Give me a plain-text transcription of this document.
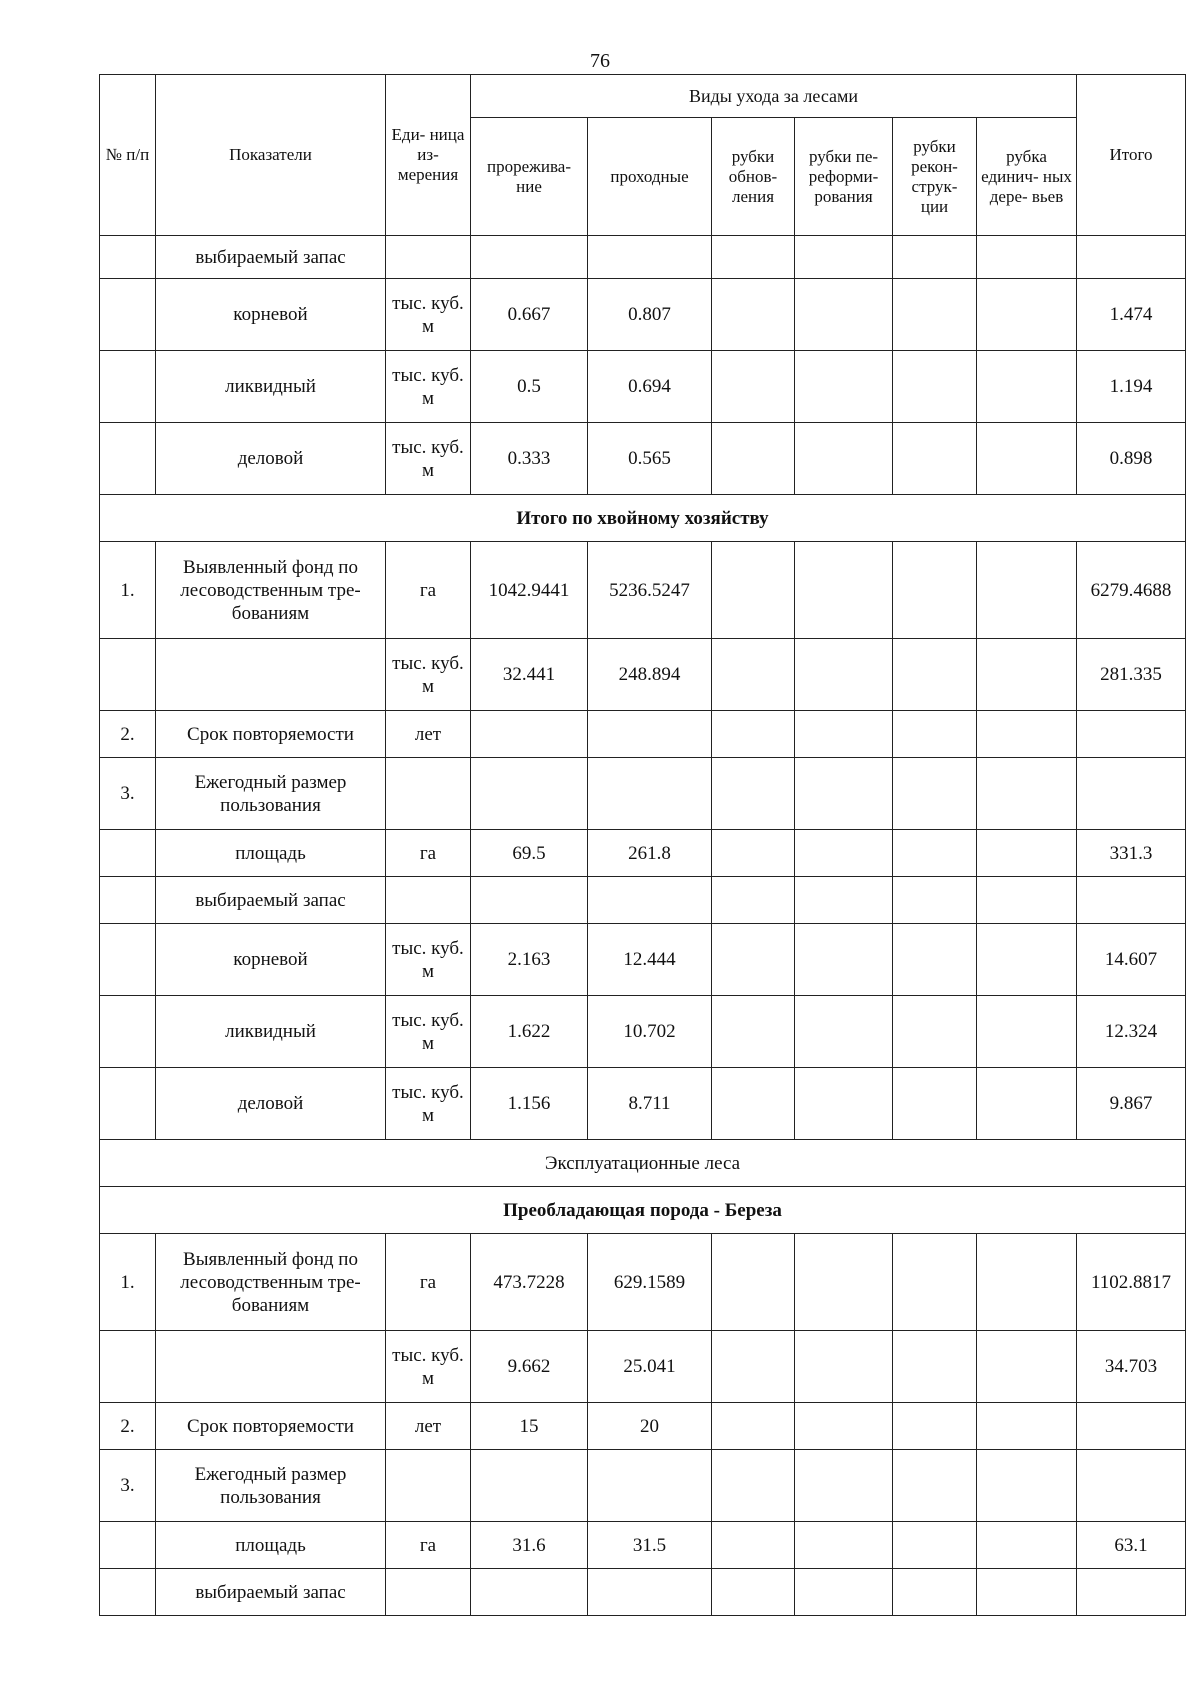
76
№ п/п	Показатели	Еди- ница из- мерения	Виды ухода за лесами						Итого
			прорежива- ние	проходные	рубки обнов- ления	рубки пе- реформи- рования	рубки рекон- струк- ции	рубка единич- ных дере- вьев	
	выбираемый запас								
	корневой	тыс. куб. м	0.667	0.807					1.474
	ликвидный	тыс. куб. м	0.5	0.694					1.194
	деловой	тыс. куб. м	0.333	0.565					0.898
Итого по хвойному хозяйству									
1.	Выявленный фонд по лесоводственным тре- бованиям	га	1042.9441	5236.5247					6279.4688
		тыс. куб. м	32.441	248.894					281.335
2.	Срок повторяемости	лет							
3.	Ежегодный размер пользования								
	площадь	га	69.5	261.8					331.3
	выбираемый запас								
	корневой	тыс. куб. м	2.163	12.444					14.607
	ликвидный	тыс. куб. м	1.622	10.702					12.324
	деловой	тыс. куб. м	1.156	8.711					9.867
Эксплуатационные леса									
Преобладающая порода - Береза									
1.	Выявленный фонд по лесоводственным тре- бованиям	га	473.7228	629.1589					1102.8817
		тыс. куб. м	9.662	25.041					34.703
2.	Срок повторяемости	лет	15	20					
3.	Ежегодный размер пользования								
	площадь	га	31.6	31.5					63.1
	выбираемый запас								
